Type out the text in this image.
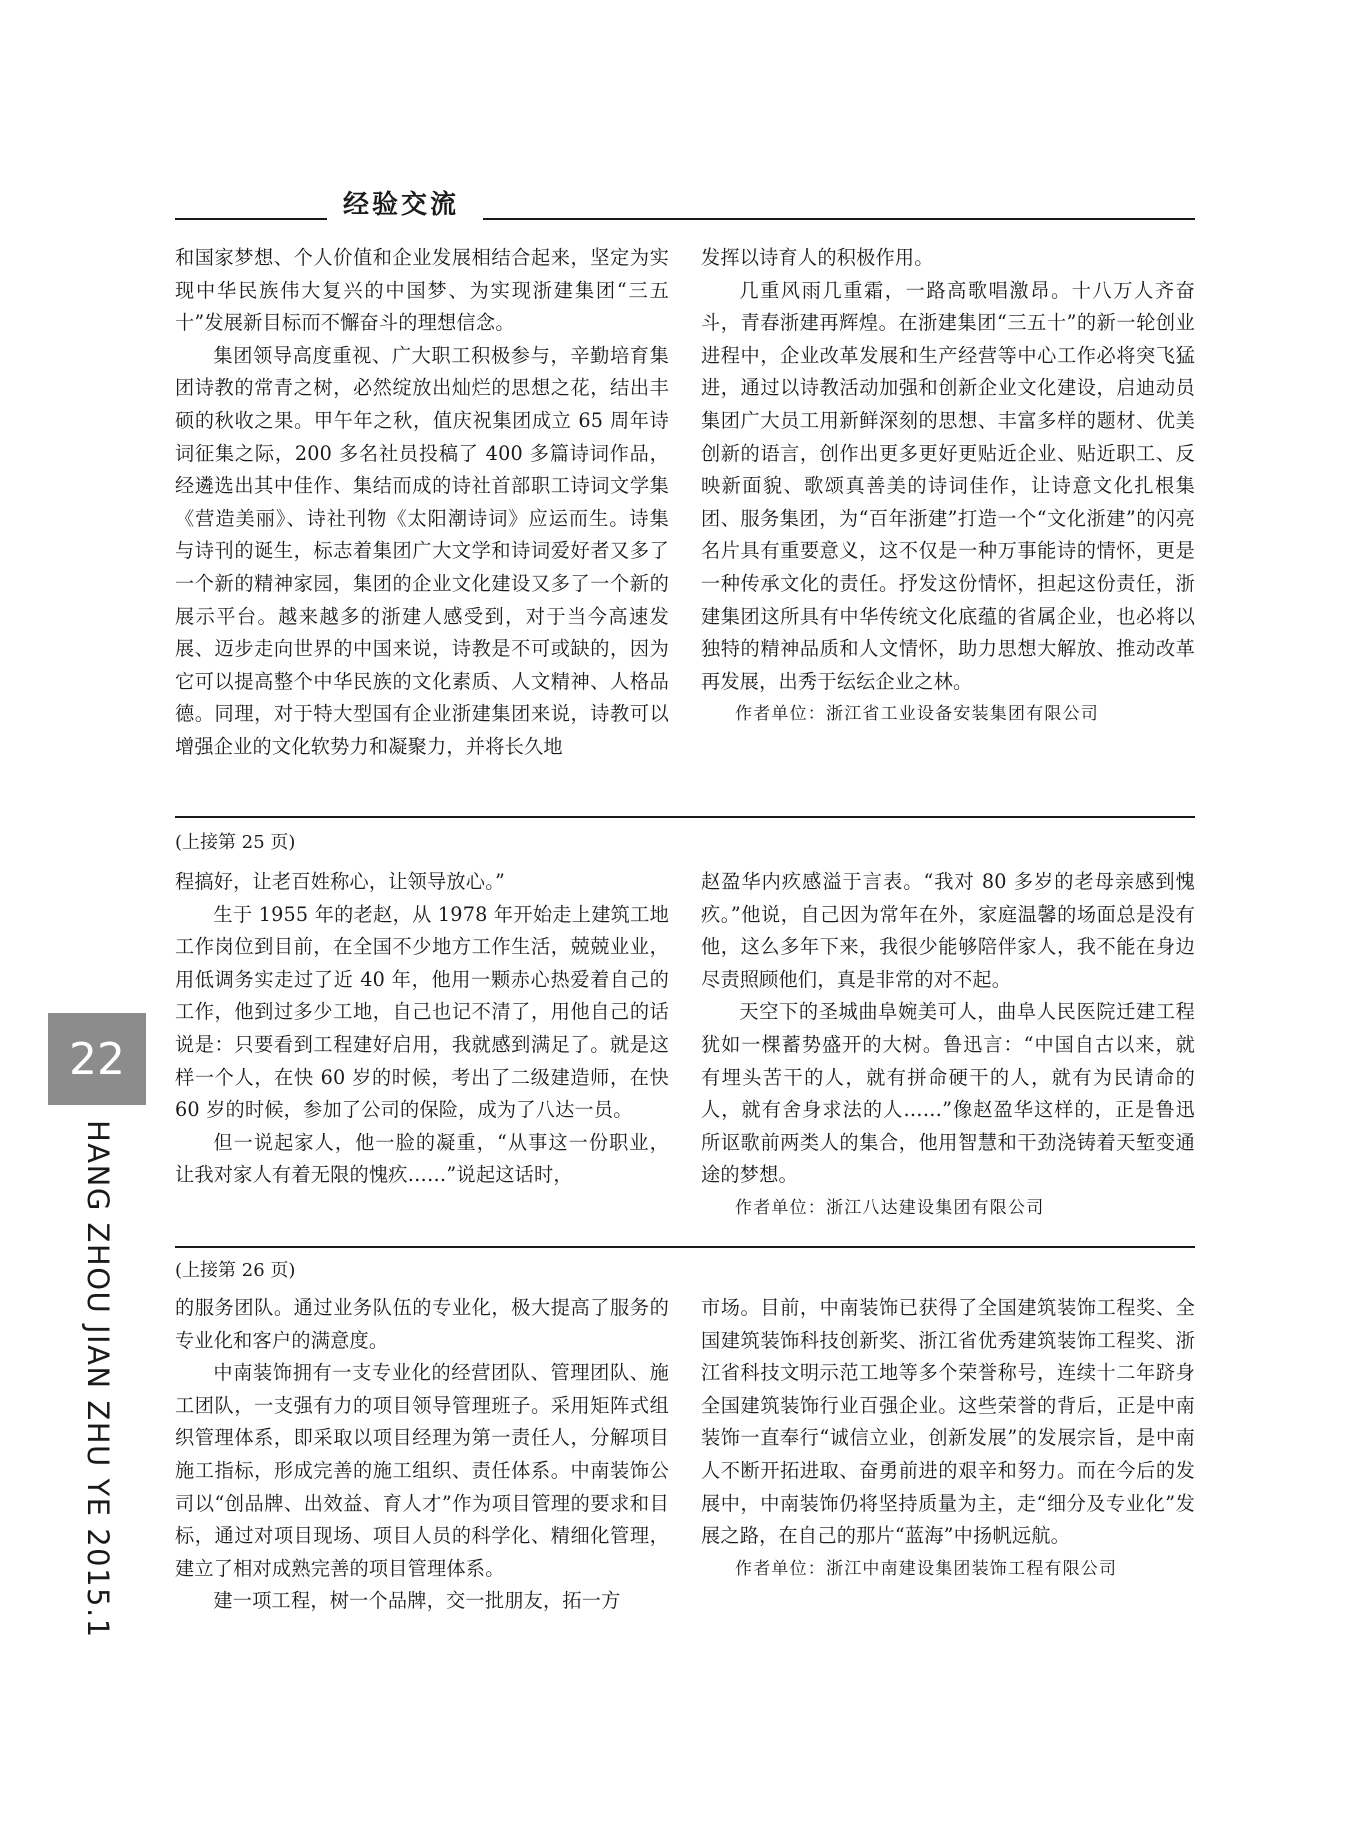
经验交流

和国家梦想、个人价值和企业发展相结合起来，坚定为实现中华民族伟大复兴的中国梦、为实现浙建集团“三五十”发展新目标而不懈奋斗的理想信念。

集团领导高度重视、广大职工积极参与，辛勤培育集团诗教的常青之树，必然绽放出灿烂的思想之花，结出丰硕的秋收之果。甲午年之秋，值庆祝集团成立 65 周年诗词征集之际，200 多名社员投稿了 400 多篇诗词作品，经遴选出其中佳作、集结而成的诗社首部职工诗词文学集《营造美丽》、诗社刊物《太阳潮诗词》应运而生。诗集与诗刊的诞生，标志着集团广大文学和诗词爱好者又多了一个新的精神家园，集团的企业文化建设又多了一个新的展示平台。越来越多的浙建人感受到，对于当今高速发展、迈步走向世界的中国来说，诗教是不可或缺的，因为它可以提高整个中华民族的文化素质、人文精神、人格品德。同理，对于特大型国有企业浙建集团来说，诗教可以增强企业的文化软势力和凝聚力，并将长久地

发挥以诗育人的积极作用。

几重风雨几重霜，一路高歌唱激昂。十八万人齐奋斗，青春浙建再辉煌。在浙建集团“三五十”的新一轮创业进程中，企业改革发展和生产经营等中心工作必将突飞猛进，通过以诗教活动加强和创新企业文化建设，启迪动员集团广大员工用新鲜深刻的思想、丰富多样的题材、优美创新的语言，创作出更多更好更贴近企业、贴近职工、反映新面貌、歌颂真善美的诗词佳作，让诗意文化扎根集团、服务集团，为“百年浙建”打造一个“文化浙建”的闪亮名片具有重要意义，这不仅是一种万事能诗的情怀，更是一种传承文化的责任。抒发这份情怀，担起这份责任，浙建集团这所具有中华传统文化底蕴的省属企业，也必将以独特的精神品质和人文情怀，助力思想大解放、推动改革再发展，出秀于纭纭企业之林。

作者单位：浙江省工业设备安装集团有限公司

(上接第 25 页)

程搞好，让老百姓称心，让领导放心。”

生于 1955 年的老赵，从 1978 年开始走上建筑工地工作岗位到目前，在全国不少地方工作生活，兢兢业业，用低调务实走过了近 40 年，他用一颗赤心热爱着自己的工作，他到过多少工地，自己也记不清了，用他自己的话说是：只要看到工程建好启用，我就感到满足了。就是这样一个人，在快 60 岁的时候，考出了二级建造师，在快 60 岁的时候，参加了公司的保险，成为了八达一员。

但一说起家人，他一脸的凝重，“从事这一份职业，让我对家人有着无限的愧疚……”说起这话时，

赵盈华内疚感溢于言表。“我对 80 多岁的老母亲感到愧疚。”他说，自己因为常年在外，家庭温馨的场面总是没有他，这么多年下来，我很少能够陪伴家人，我不能在身边尽责照顾他们，真是非常的对不起。

天空下的圣城曲阜婉美可人，曲阜人民医院迁建工程犹如一棵蓄势盛开的大树。鲁迅言：“中国自古以来，就有埋头苦干的人，就有拼命硬干的人，就有为民请命的人，就有舍身求法的人……”像赵盈华这样的，正是鲁迅所讴歌前两类人的集合，他用智慧和干劲浇铸着天堑变通途的梦想。

作者单位：浙江八达建设集团有限公司

(上接第 26 页)

的服务团队。通过业务队伍的专业化，极大提高了服务的专业化和客户的满意度。

中南装饰拥有一支专业化的经营团队、管理团队、施工团队，一支强有力的项目领导管理班子。采用矩阵式组织管理体系，即采取以项目经理为第一责任人，分解项目施工指标，形成完善的施工组织、责任体系。中南装饰公司以“创品牌、出效益、育人才”作为项目管理的要求和目标，通过对项目现场、项目人员的科学化、精细化管理，建立了相对成熟完善的项目管理体系。

建一项工程，树一个品牌，交一批朋友，拓一方

市场。目前，中南装饰已获得了全国建筑装饰工程奖、全国建筑装饰科技创新奖、浙江省优秀建筑装饰工程奖、浙江省科技文明示范工地等多个荣誉称号，连续十二年跻身全国建筑装饰行业百强企业。这些荣誉的背后，正是中南装饰一直奉行“诚信立业，创新发展”的发展宗旨，是中南人不断开拓进取、奋勇前进的艰辛和努力。而在今后的发展中，中南装饰仍将坚持质量为主，走“细分及专业化”发展之路，在自己的那片“蓝海”中扬帆远航。

作者单位：浙江中南建设集团装饰工程有限公司

22
HANG ZHOU JIAN ZHU YE 2015.1
